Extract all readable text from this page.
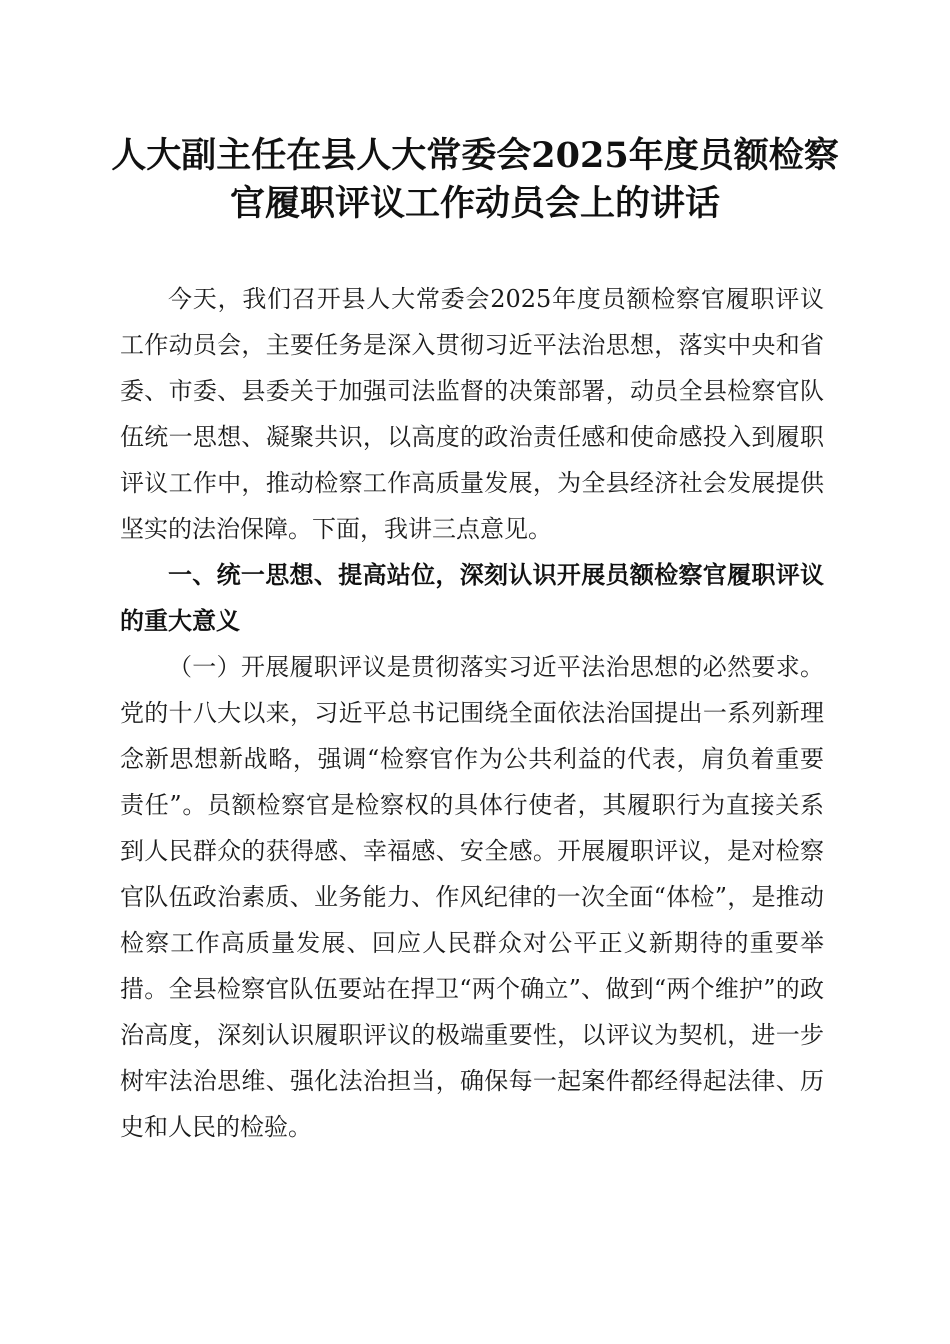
人大副主任在县人大常委会2025年度员额检察官履职评议工作动员会上的讲话

今天，我们召开县人大常委会2025年度员额检察官履职评议工作动员会，主要任务是深入贯彻习近平法治思想，落实中央和省委、市委、县委关于加强司法监督的决策部署，动员全县检察官队伍统一思想、凝聚共识，以高度的政治责任感和使命感投入到履职评议工作中，推动检察工作高质量发展，为全县经济社会发展提供坚实的法治保障。下面，我讲三点意见。

一、统一思想、提高站位，深刻认识开展员额检察官履职评议的重大意义

（一）开展履职评议是贯彻落实习近平法治思想的必然要求。党的十八大以来，习近平总书记围绕全面依法治国提出一系列新理念新思想新战略，强调“检察官作为公共利益的代表，肩负着重要责任”。员额检察官是检察权的具体行使者，其履职行为直接关系到人民群众的获得感、幸福感、安全感。开展履职评议，是对检察官队伍政治素质、业务能力、作风纪律的一次全面“体检”，是推动检察工作高质量发展、回应人民群众对公平正义新期待的重要举措。全县检察官队伍要站在捍卫“两个确立”、做到“两个维护”的政治高度，深刻认识履职评议的极端重要性，以评议为契机，进一步树牢法治思维、强化法治担当，确保每一起案件都经得起法律、历史和人民的检验。
